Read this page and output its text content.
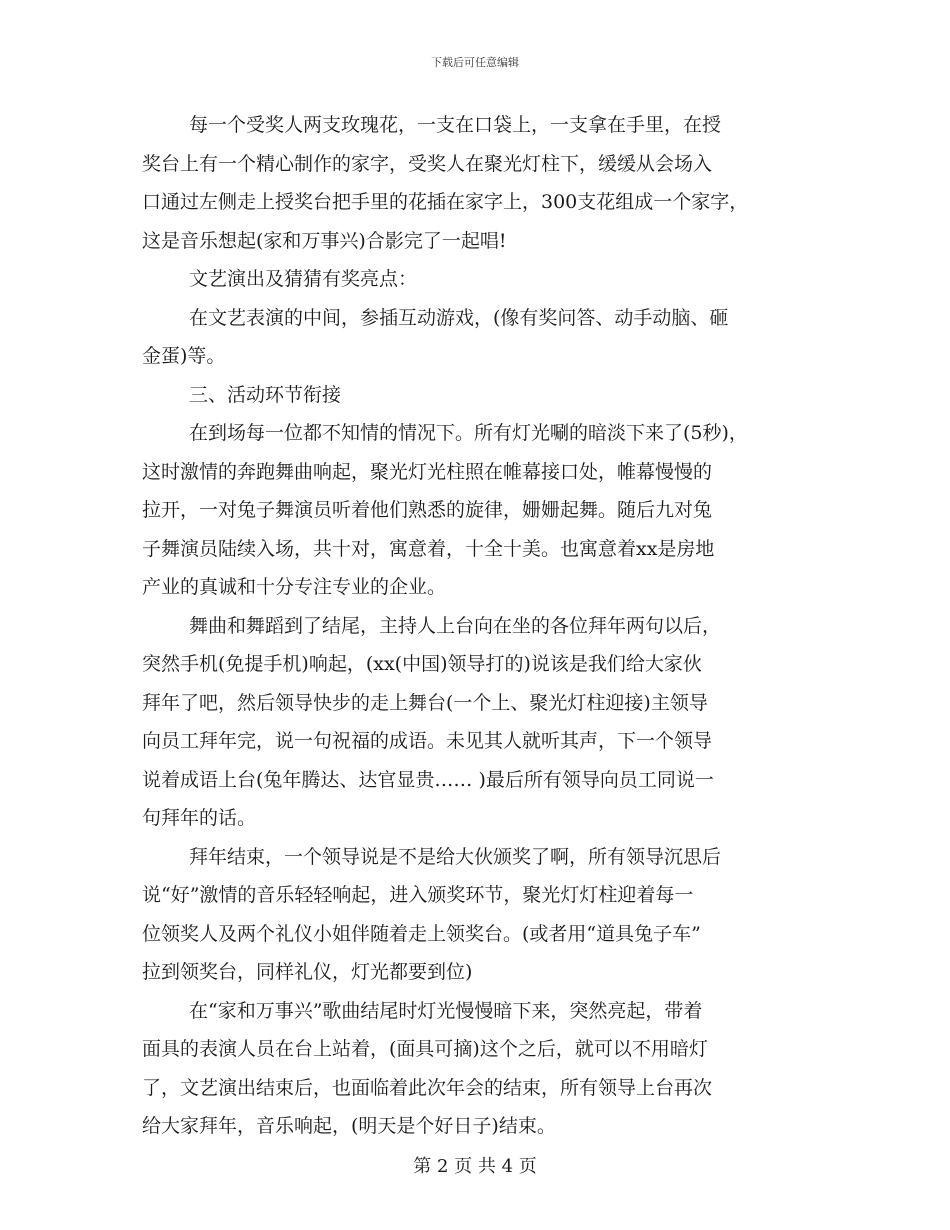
下载后可任意编辑
每一个受奖人两支玫瑰花，一支在口袋上，一支拿在手里，在授
奖台上有一个精心制作的家字，受奖人在聚光灯柱下，缓缓从会场入
口通过左侧走上授奖台把手里的花插在家字上，300支花组成一个家字，
这是音乐想起(家和万事兴)合影完了一起唱!
文艺演出及猜猜有奖亮点：
在文艺表演的中间，参插互动游戏，(像有奖问答、动手动脑、砸
金蛋)等。
三、活动环节衔接
在到场每一位都不知情的情况下。所有灯光唰的暗淡下来了(5秒)，
这时激情的奔跑舞曲响起，聚光灯光柱照在帷幕接口处，帷幕慢慢的
拉开，一对兔子舞演员听着他们熟悉的旋律，姗姗起舞。随后九对兔
子舞演员陆续入场，共十对，寓意着，十全十美。也寓意着xx是房地
产业的真诚和十分专注专业的企业。
舞曲和舞蹈到了结尾，主持人上台向在坐的各位拜年两句以后，
突然手机(免提手机)响起，(xx(中国)领导打的)说该是我们给大家伙
拜年了吧，然后领导快步的走上舞台(一个上、聚光灯柱迎接)主领导
向员工拜年完，说一句祝福的成语。未见其人就听其声，下一个领导
说着成语上台(兔年腾达、达官显贵…… )最后所有领导向员工同说一
句拜年的话。
拜年结束，一个领导说是不是给大伙颁奖了啊，所有领导沉思后
说“好”激情的音乐轻轻响起，进入颁奖环节，聚光灯灯柱迎着每一
位领奖人及两个礼仪小姐伴随着走上领奖台。(或者用“道具兔子车”
拉到领奖台，同样礼仪，灯光都要到位)
在“家和万事兴”歌曲结尾时灯光慢慢暗下来，突然亮起，带着
面具的表演人员在台上站着，(面具可摘)这个之后，就可以不用暗灯
了，文艺演出结束后，也面临着此次年会的结束，所有领导上台再次
给大家拜年，音乐响起，(明天是个好日子)结束。
第 2 页 共 4 页
